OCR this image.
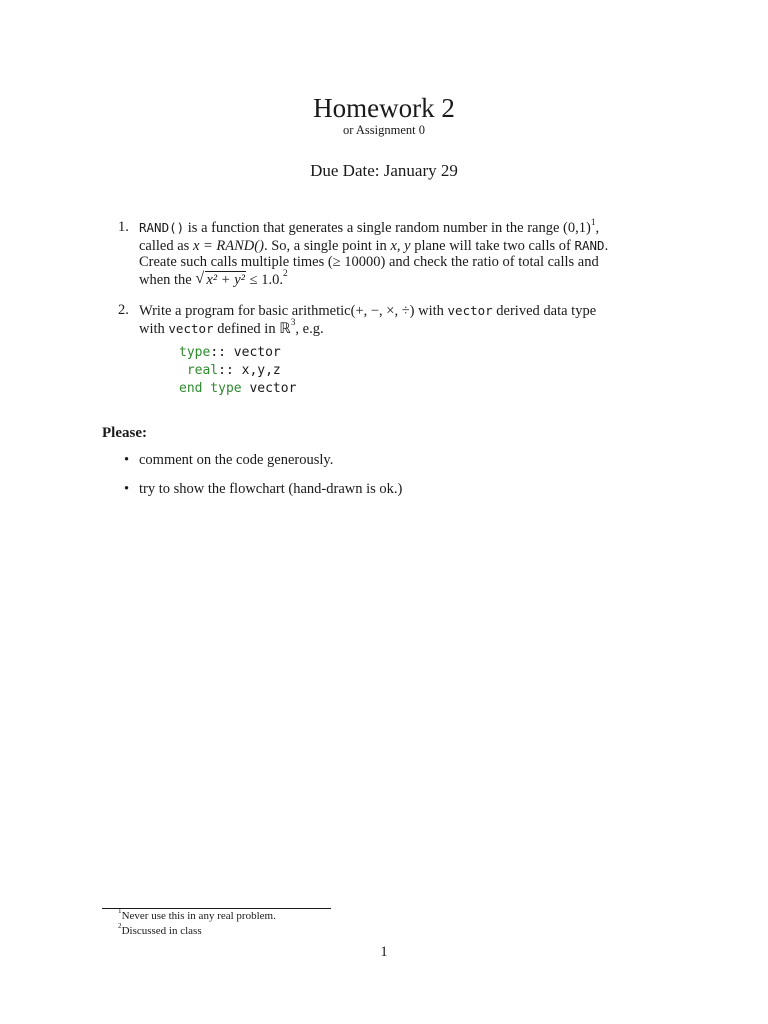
Homework 2
or Assignment 0
Due Date: January 29
1. RAND() is a function that generates a single random number in the range $(0,1)^1$,
called as x = RAND(). So, a single point in x, y plane will take two calls of RAND.
Create such calls multiple times (≥ 10000) and check the ratio of total calls and
when the √ x² + y² ≤ 1.0.$^2$
2. Write a program for basic arithmetic(+, −, ×, ÷) with vector derived data type
with vector defined in ℝ$^3$, e.g.
type:: vector
real:: x,y,z
end type vector
Please:
• comment on the code generously.
• try to show the flowchart (hand-drawn is ok.)
$^1$Never use this in any real problem.
$^2$Discussed in class
1
